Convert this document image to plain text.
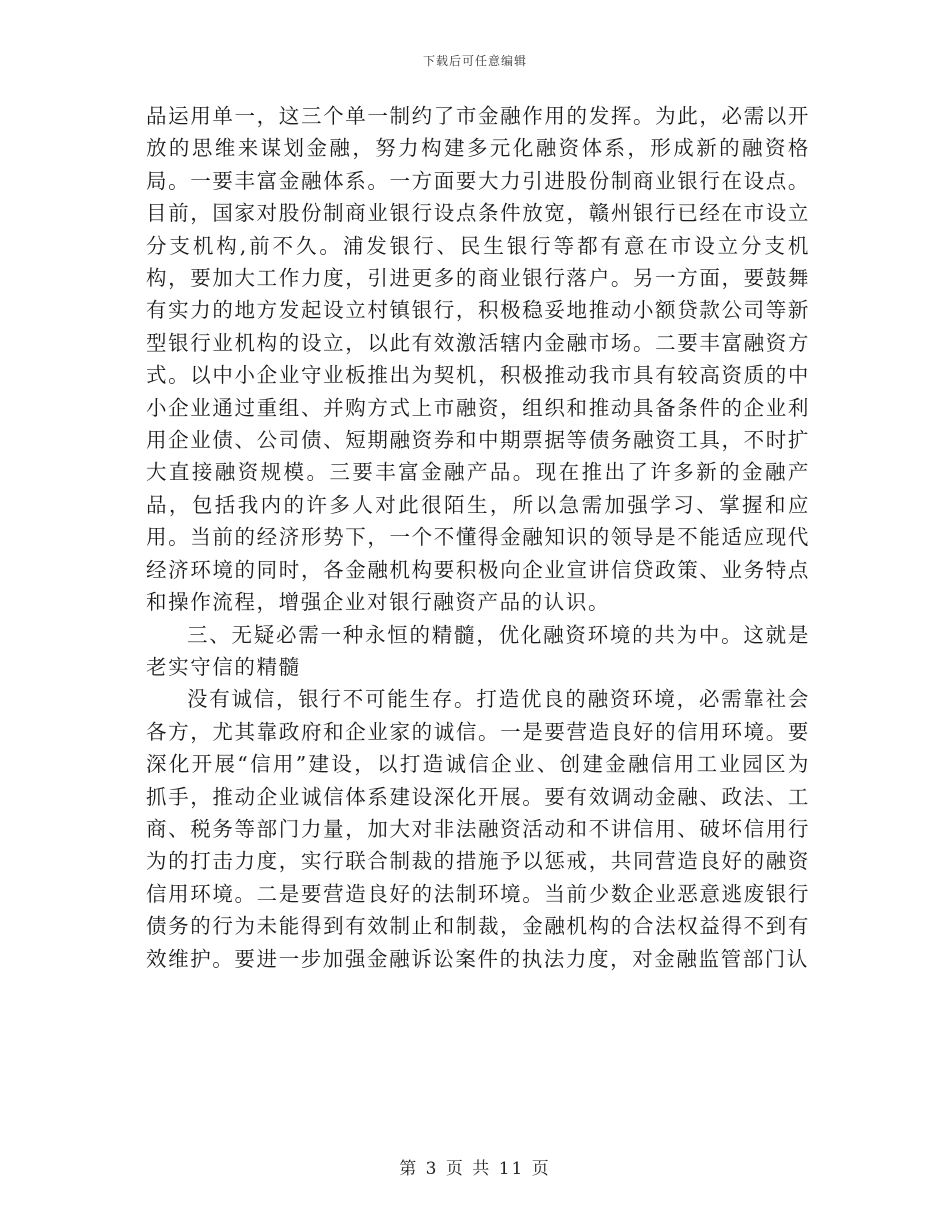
下载后可任意编辑

品运用单一，这三个单一制约了市金融作用的发挥。为此，必需以开放的思维来谋划金融，努力构建多元化融资体系，形成新的融资格局。一要丰富金融体系。一方面要大力引进股份制商业银行在设点。目前，国家对股份制商业银行设点条件放宽，赣州银行已经在市设立分支机构,前不久。浦发银行、民生银行等都有意在市设立分支机构，要加大工作力度，引进更多的商业银行落户。另一方面，要鼓舞有实力的地方发起设立村镇银行，积极稳妥地推动小额贷款公司等新型银行业机构的设立，以此有效激活辖内金融市场。二要丰富融资方式。以中小企业守业板推出为契机，积极推动我市具有较高资质的中小企业通过重组、并购方式上市融资，组织和推动具备条件的企业利用企业债、公司债、短期融资券和中期票据等债务融资工具，不时扩大直接融资规模。三要丰富金融产品。现在推出了许多新的金融产品，包括我内的许多人对此很陌生，所以急需加强学习、掌握和应用。当前的经济形势下，一个不懂得金融知识的领导是不能适应现代经济环境的同时，各金融机构要积极向企业宣讲信贷政策、业务特点和操作流程，增强企业对银行融资产品的认识。

三、无疑必需一种永恒的精髓，优化融资环境的共为中。这就是老实守信的精髓

没有诚信，银行不可能生存。打造优良的融资环境，必需靠社会各方，尤其靠政府和企业家的诚信。一是要营造良好的信用环境。要深化开展“信用”建设，以打造诚信企业、创建金融信用工业园区为抓手，推动企业诚信体系建设深化开展。要有效调动金融、政法、工商、税务等部门力量，加大对非法融资活动和不讲信用、破坏信用行为的打击力度，实行联合制裁的措施予以惩戒，共同营造良好的融资信用环境。二是要营造良好的法制环境。当前少数企业恶意逃废银行债务的行为未能得到有效制止和制裁，金融机构的合法权益得不到有效维护。要进一步加强金融诉讼案件的执法力度，对金融监管部门认

第 3 页 共 11 页
